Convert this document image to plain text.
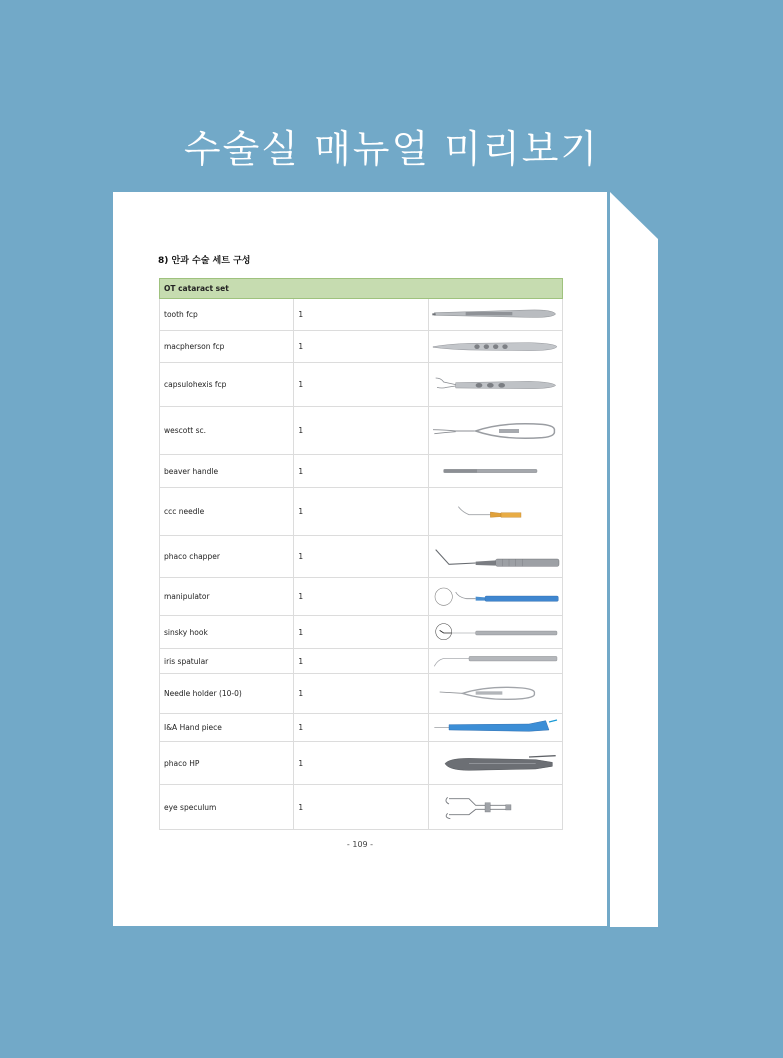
수술실 매뉴얼 미리보기
8) 안과 수술 세트 구성
OT cataract set		
tooth fcp	1	

macpherson fcp	1	

capsulohexis fcp	1	

wescott sc.	1	

beaver handle	1	

ccc needle	1	

phaco chapper	1	

manipulator	1	

sinsky hook	1	

iris spatular	1	

Needle holder (10-0)	1	

I&A Hand piece	1	

phaco HP	1	

eye speculum	1	
- 109 -
